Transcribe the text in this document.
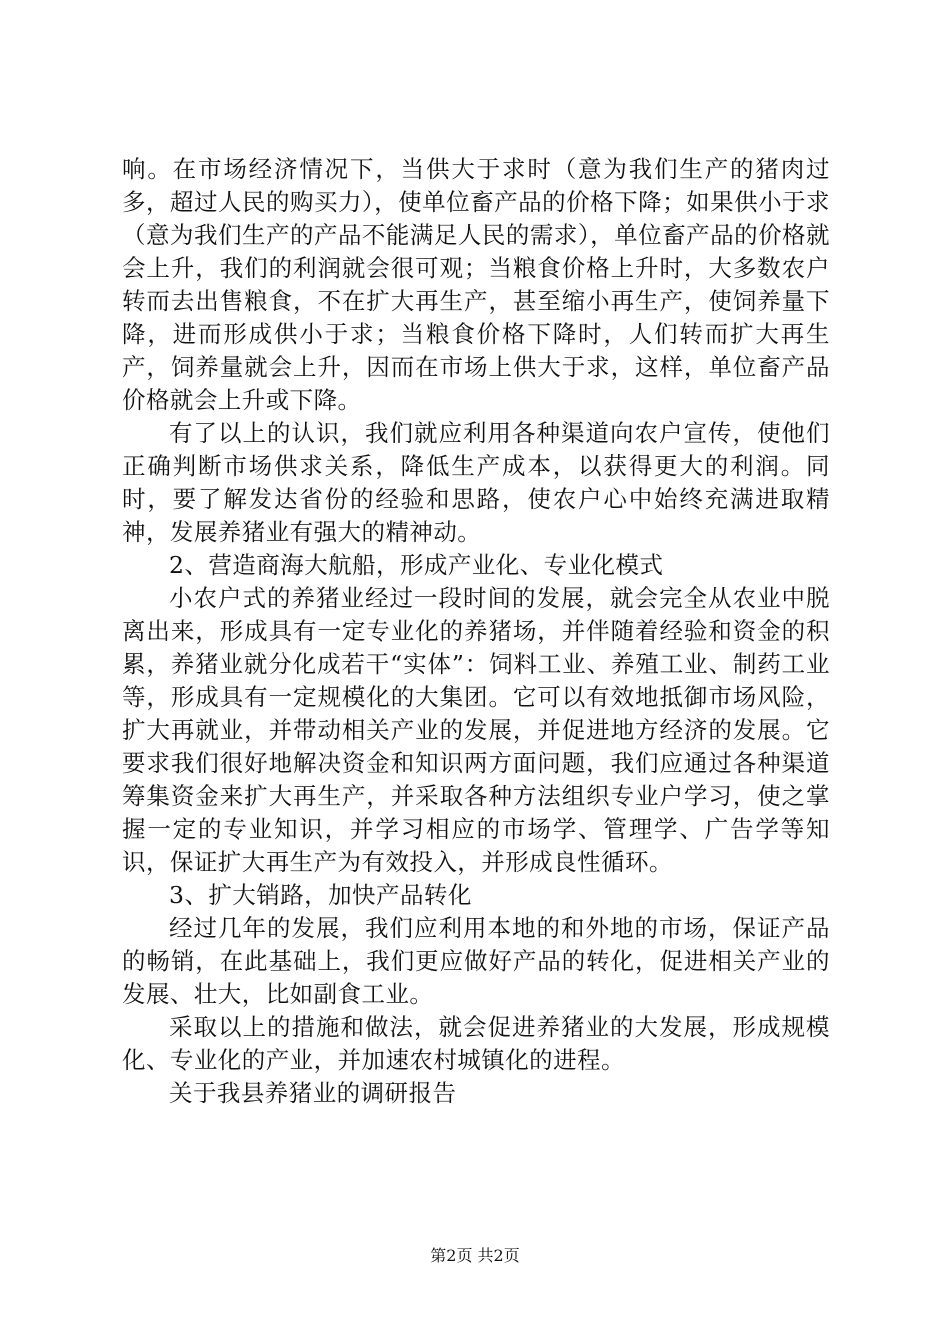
响。在市场经济情况下，当供大于求时（意为我们生产的猪肉过多，超过人民的购买力），使单位畜产品的价格下降；如果供小于求（意为我们生产的产品不能满足人民的需求），单位畜产品的价格就会上升，我们的利润就会很可观；当粮食价格上升时，大多数农户转而去出售粮食，不在扩大再生产，甚至缩小再生产，使饲养量下降，进而形成供小于求；当粮食价格下降时，人们转而扩大再生产，饲养量就会上升，因而在市场上供大于求，这样，单位畜产品价格就会上升或下降。

有了以上的认识，我们就应利用各种渠道向农户宣传，使他们正确判断市场供求关系，降低生产成本，以获得更大的利润。同时，要了解发达省份的经验和思路，使农户心中始终充满进取精神，发展养猪业有强大的精神动。

2、营造商海大航船，形成产业化、专业化模式

小农户式的养猪业经过一段时间的发展，就会完全从农业中脱离出来，形成具有一定专业化的养猪场，并伴随着经验和资金的积累，养猪业就分化成若干“实体”：饲料工业、养殖工业、制药工业等，形成具有一定规模化的大集团。它可以有效地抵御市场风险，扩大再就业，并带动相关产业的发展，并促进地方经济的发展。它要求我们很好地解决资金和知识两方面问题，我们应通过各种渠道筹集资金来扩大再生产，并采取各种方法组织专业户学习，使之掌握一定的专业知识，并学习相应的市场学、管理学、广告学等知识，保证扩大再生产为有效投入，并形成良性循环。

3、扩大销路，加快产品转化

经过几年的发展，我们应利用本地的和外地的市场，保证产品的畅销，在此基础上，我们更应做好产品的转化，促进相关产业的发展、壮大，比如副食工业。

采取以上的措施和做法，就会促进养猪业的大发展，形成规模化、专业化的产业，并加速农村城镇化的进程。

关于我县养猪业的调研报告

第2页 共2页
